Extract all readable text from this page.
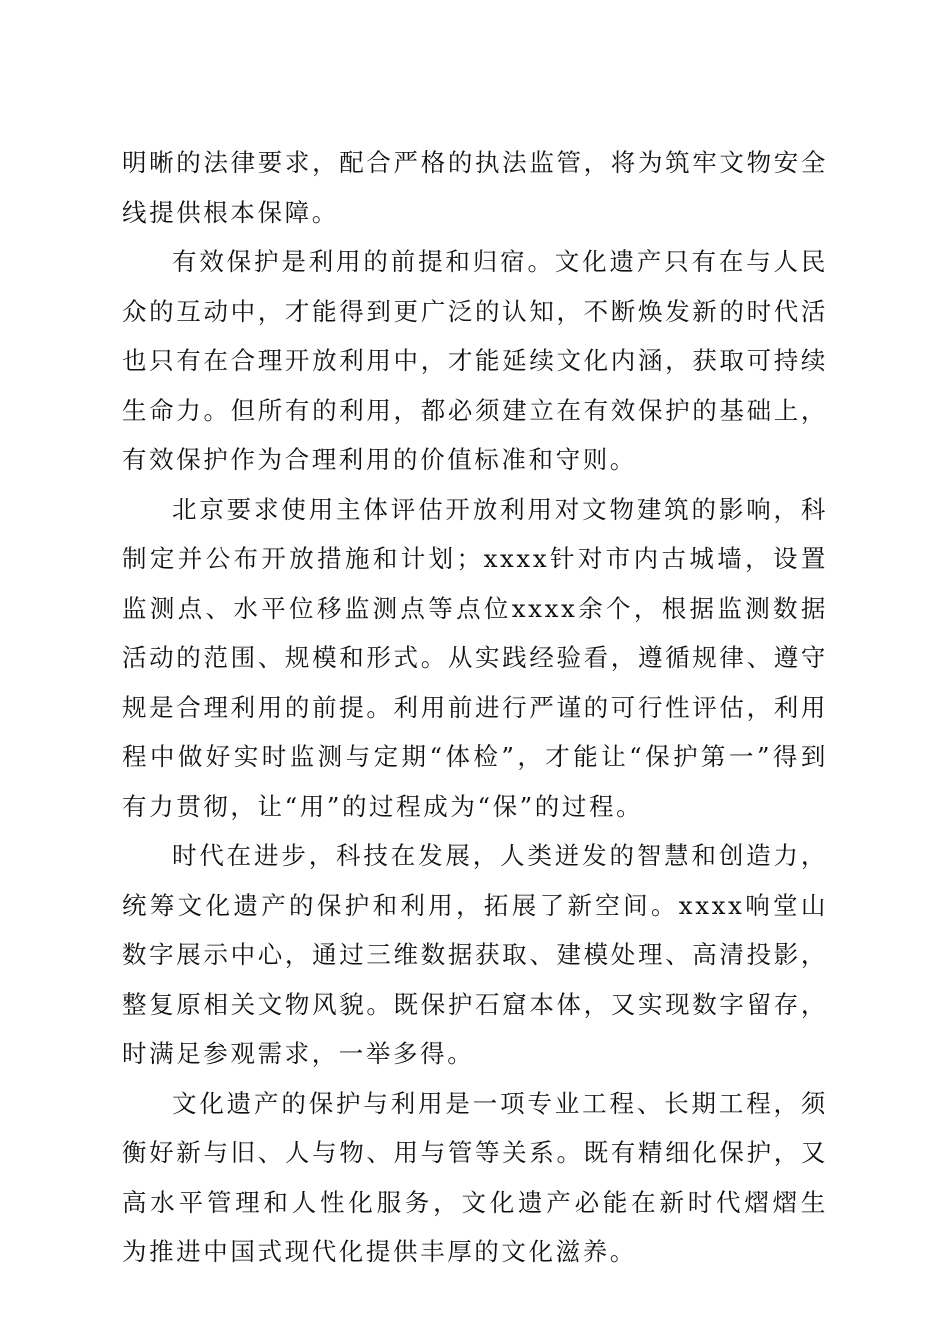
明晰的法律要求，配合严格的执法监管，将为筑牢文物安全
线提供根本保障。
有效保护是利用的前提和归宿。文化遗产只有在与人民
众的互动中，才能得到更广泛的认知，不断焕发新的时代活
也只有在合理开放利用中，才能延续文化内涵，获取可持续
生命力。但所有的利用，都必须建立在有效保护的基础上，
有效保护作为合理利用的价值标准和守则。
北京要求使用主体评估开放利用对文物建筑的影响，科
制定并公布开放措施和计划；xxxx针对市内古城墙，设置
监测点、水平位移监测点等点位xxxx余个，根据监测数据
活动的范围、规模和形式。从实践经验看，遵循规律、遵守
规是合理利用的前提。利用前进行严谨的可行性评估，利用
程中做好实时监测与定期“体检”，才能让“保护第一”得到
有力贯彻，让“用”的过程成为“保”的过程。
时代在进步，科技在发展，人类迸发的智慧和创造力，
统筹文化遗产的保护和利用，拓展了新空间。xxxx响堂山
数字展示中心，通过三维数据获取、建模处理、高清投影，
整复原相关文物风貌。既保护石窟本体，又实现数字留存，
时满足参观需求，一举多得。
文化遗产的保护与利用是一项专业工程、长期工程，须
衡好新与旧、人与物、用与管等关系。既有精细化保护，又
高水平管理和人性化服务，文化遗产必能在新时代熠熠生
为推进中国式现代化提供丰厚的文化滋养。
